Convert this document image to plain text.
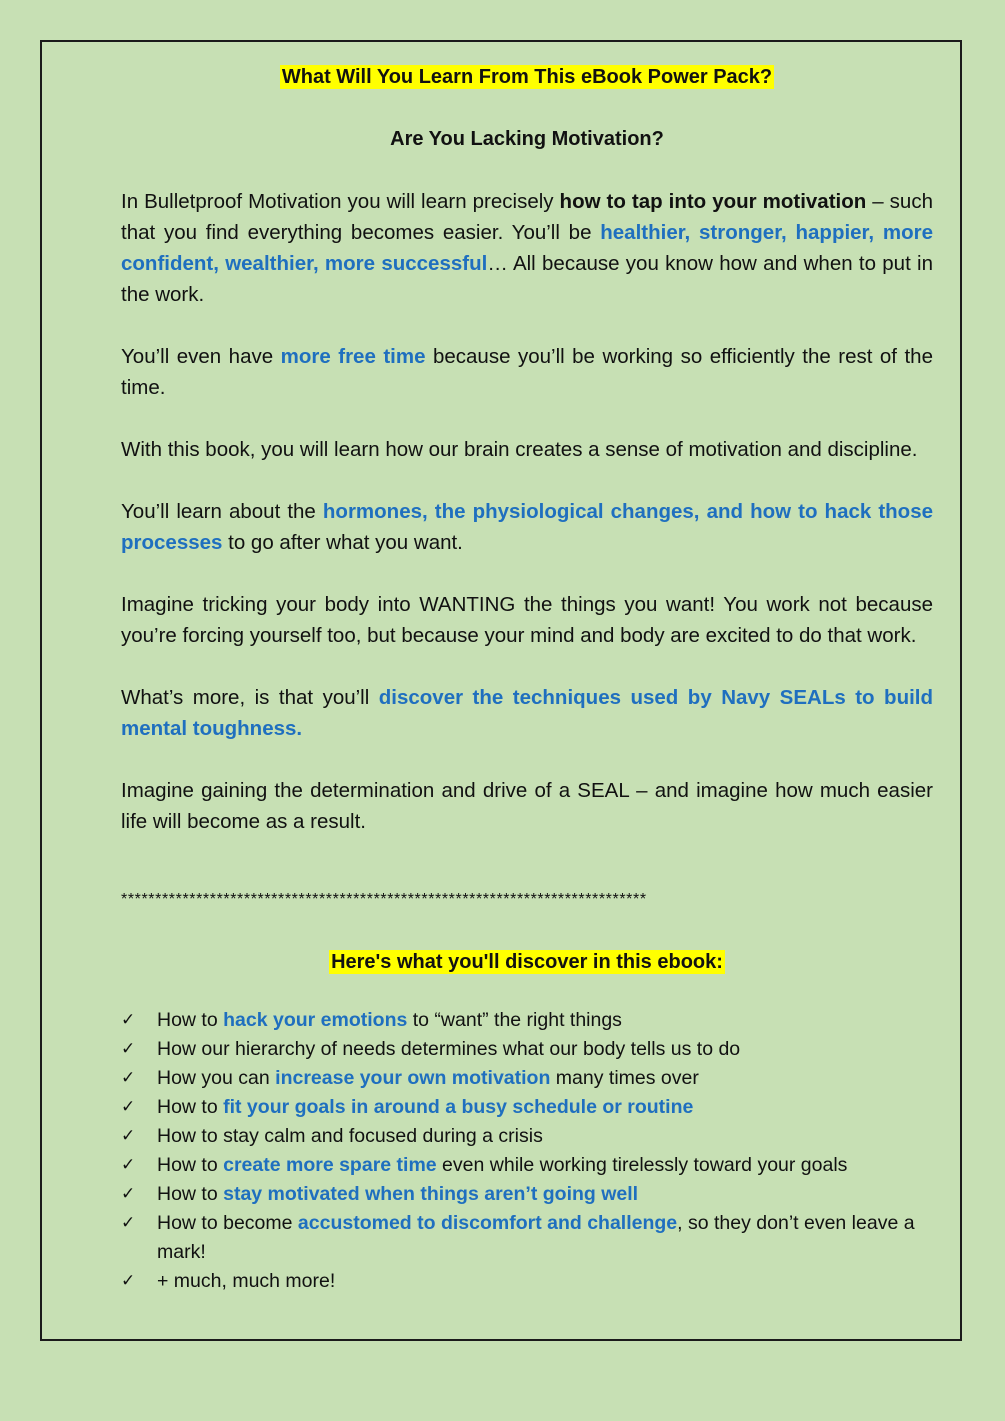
What Will You Learn From This eBook Power Pack?
Are You Lacking Motivation?

In Bulletproof Motivation you will learn precisely how to tap into your motivation – such that you find everything becomes easier. You’ll be healthier, stronger, happier, more confident, wealthier, more successful… All because you know how and when to put in the work.

You’ll even have more free time because you’ll be working so efficiently the rest of the time.

With this book, you will learn how our brain creates a sense of motivation and discipline.

You’ll learn about the hormones, the physiological changes, and how to hack those processes to go after what you want.

Imagine tricking your body into WANTING the things you want! You work not because you’re forcing yourself too, but because your mind and body are excited to do that work.

What’s more, is that you’ll discover the techniques used by Navy SEALs to build mental toughness.

Imagine gaining the determination and drive of a SEAL – and imagine how much easier life will become as a result.

*****************************************************************************
Here's what you'll discover in this ebook:
✓ How to hack your emotions to “want” the right things
✓ How our hierarchy of needs determines what our body tells us to do
✓ How you can increase your own motivation many times over
✓ How to fit your goals in around a busy schedule or routine
✓ How to stay calm and focused during a crisis
✓ How to create more spare time even while working tirelessly toward your goals
✓ How to stay motivated when things aren’t going well
✓ How to become accustomed to discomfort and challenge, so they don’t even leave a mark!
✓ + much, much more!
